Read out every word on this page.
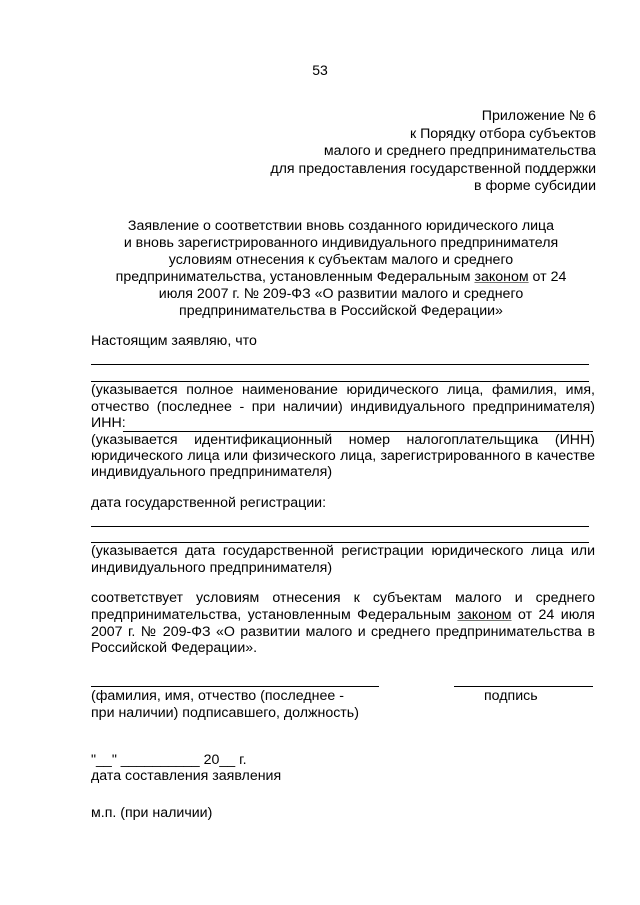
53
Приложение № 6
к Порядку отбора субъектов
малого и среднего предпринимательства
для предоставления государственной поддержки
в форме субсидии
Заявление о соответствии вновь созданного юридического лица
и вновь зарегистрированного индивидуального предпринимателя
условиям отнесения к субъектам малого и среднего
предпринимательства, установленным Федеральным законом от 24
июля 2007 г. № 209-ФЗ «О развитии малого и среднего
предпринимательства в Российской Федерации»
Настоящим заявляю, что
(указывается полное наименование юридического лица, фамилия, имя,
отчество (последнее - при наличии) индивидуального предпринимателя)
ИНН:
(указывается идентификационный номер налогоплательщика (ИНН)
юридического лица или физического лица, зарегистрированного в качестве
индивидуального предпринимателя)
дата государственной регистрации:
(указывается дата государственной регистрации юридического лица или
индивидуального предпринимателя)
соответствует условиям отнесения к субъектам малого и среднего
предпринимательства, установленным Федеральным законом от 24 июля
2007 г. № 209-ФЗ «О развитии малого и среднего предпринимательства в
Российской Федерации».
(фамилия, имя, отчество (последнее -	подпись
при наличии) подписавшего, должность)
"__" __________ 20__ г.
дата составления заявления
м.п. (при наличии)
